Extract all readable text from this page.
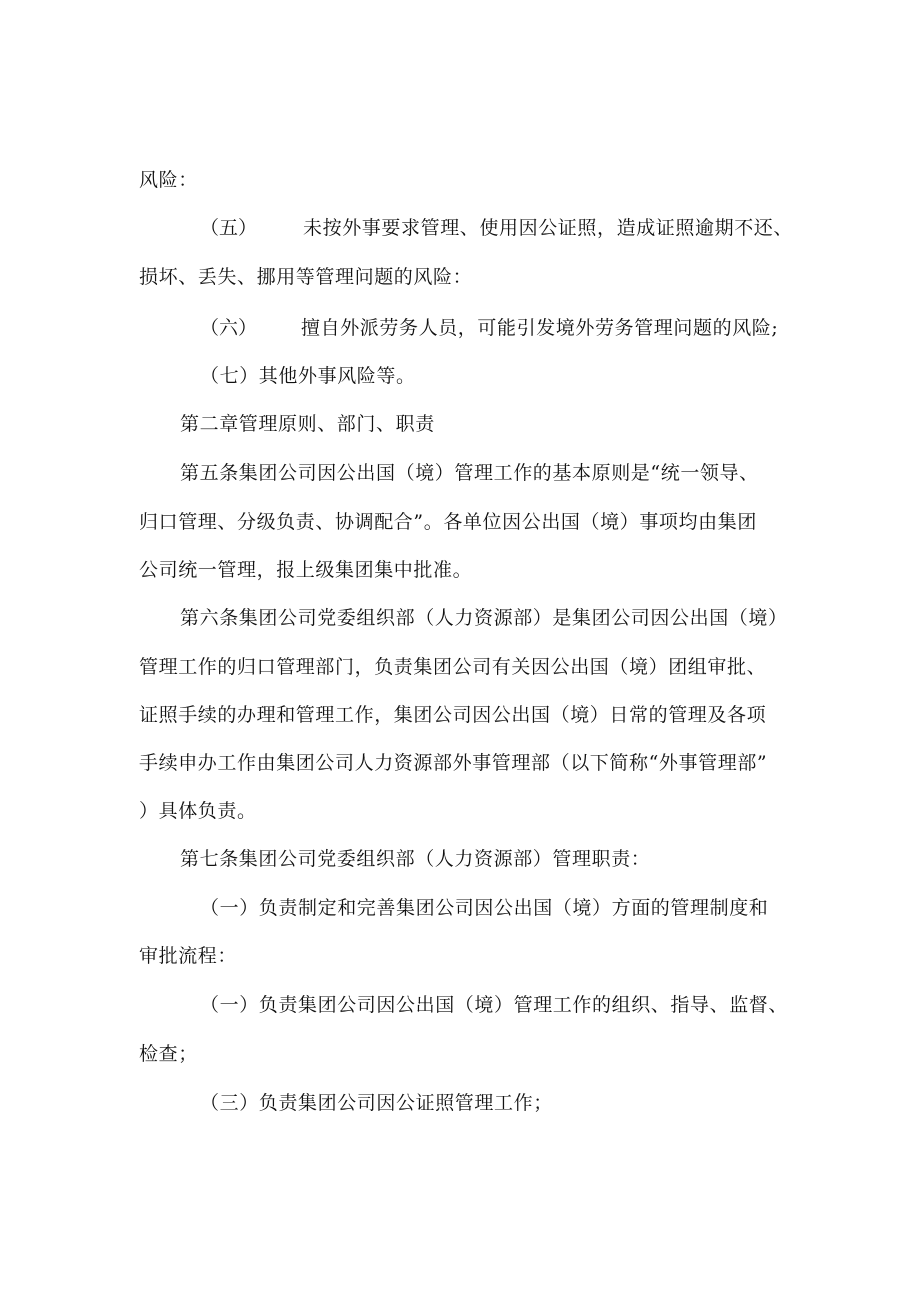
风险：
（五） 未按外事要求管理、使用因公证照，造成证照逾期不还、
损坏、丢失、挪用等管理问题的风险：
（六） 擅自外派劳务人员，可能引发境外劳务管理问题的风险;
（七）其他外事风险等。
第二章管理原则、部门、职责
第五条集团公司因公出国（境）管理工作的基本原则是“统一领导、
归口管理、分级负责、协调配合”。各单位因公出国（境）事项均由集团
公司统一管理，报上级集团集中批准。
第六条集团公司党委组织部（人力资源部）是集团公司因公出国（境）
管理工作的归口管理部门，负责集团公司有关因公出国（境）团组审批、
证照手续的办理和管理工作，集团公司因公出国（境）日常的管理及各项
手续申办工作由集团公司人力资源部外事管理部（以下简称“外事管理部”
）具体负责。
第七条集团公司党委组织部（人力资源部）管理职责：
（一）负责制定和完善集团公司因公出国（境）方面的管理制度和
审批流程：
（一）负责集团公司因公出国（境）管理工作的组织、指导、监督、
检查；
（三）负责集团公司因公证照管理工作；
